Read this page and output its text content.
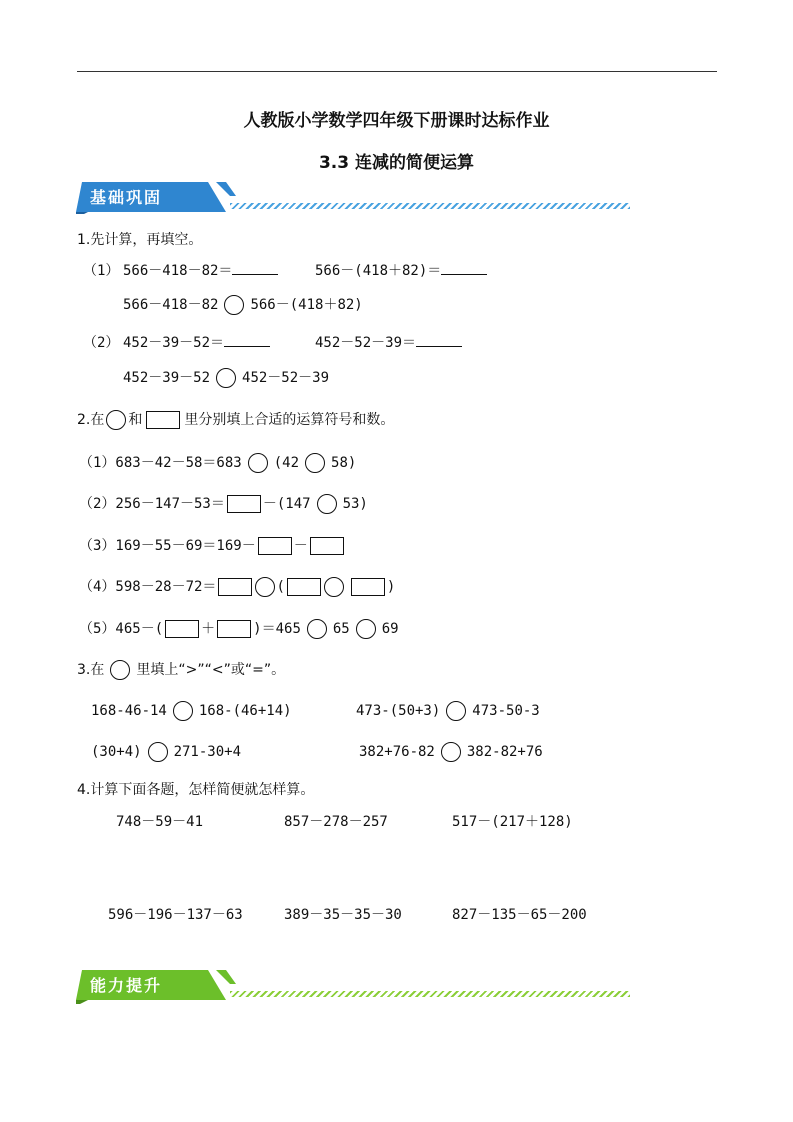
人教版小学数学四年级下册课时达标作业
3.3 连减的简便运算
基础巩固
1.先计算，再填空。
（1） 566－418－82＝	566－(418＋82)＝
566－418－82 566－(418＋82)
（2） 452－39－52＝	452－52－39＝
452－39－52 452－52－39
2.在 和	里分别填上合适的运算符号和数。
（1）683－42－58＝683 (42 58)
（2）256－147－53＝	－(147 53)
（3）169－55－69＝169－	－
（4）598－28－72＝	(	)
（5）465－(	＋	)＝465 65 69
3.在 里填上“>”“<”或“=”。
168-46-14 168-(46+14)	473-(50+3) 473-50-3
(30+4) 271-30+4	382+76-82 382-82+76
4.计算下面各题，怎样简便就怎样算。
748－59－41	857－278－257	517－(217＋128)
596－196－137－63	389－35－35－30	827－135－65－200
能力提升
